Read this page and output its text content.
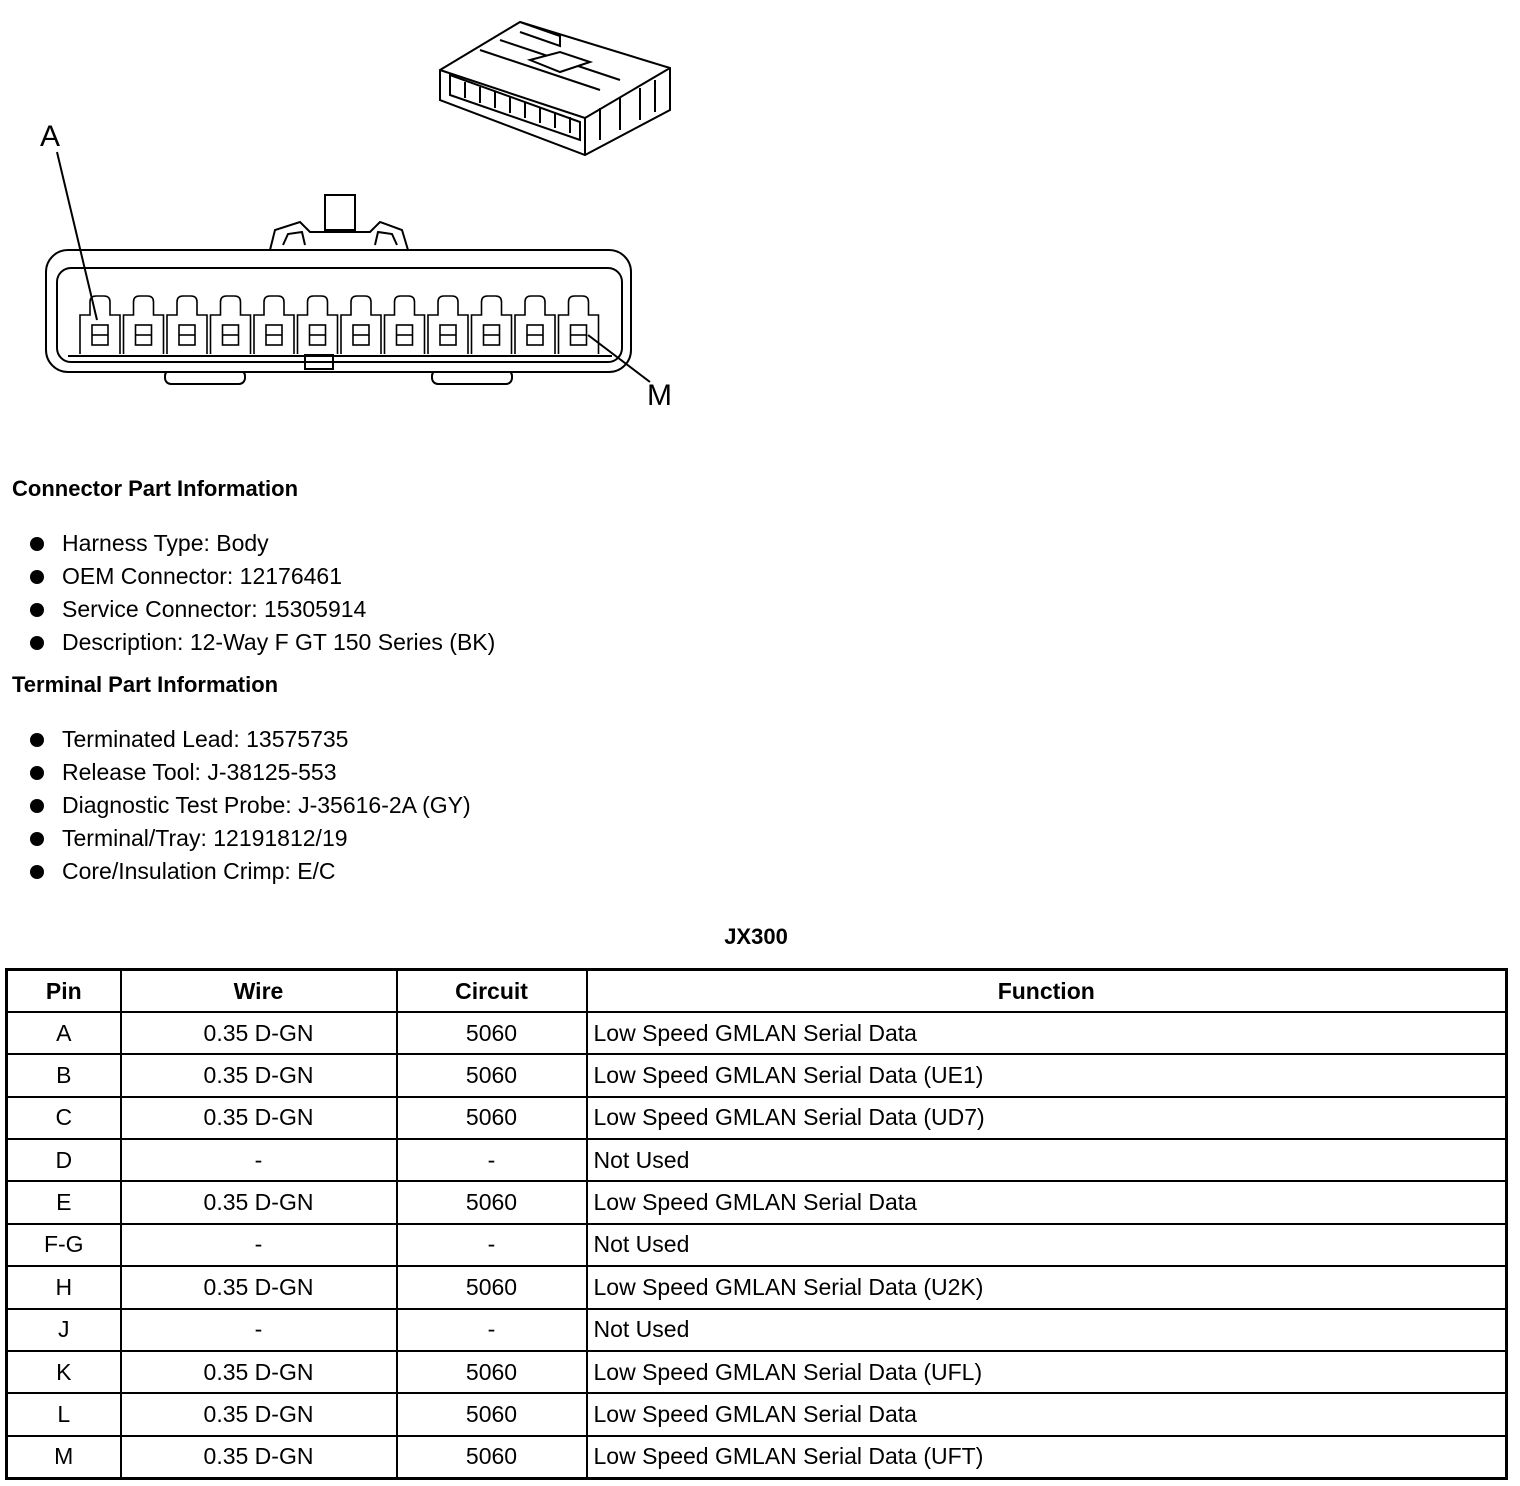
A
M
Connector Part Information
Harness Type: Body
OEM Connector: 12176461
Service Connector: 15305914
Description: 12-Way F GT 150 Series (BK)
Terminal Part Information
Terminated Lead: 13575735
Release Tool: J-38125-553
Diagnostic Test Probe: J-35616-2A (GY)
Terminal/Tray: 12191812/19
Core/Insulation Crimp: E/C
JX300
Pin	Wire	Circuit	Function
A	0.35 D-GN	5060	Low Speed GMLAN Serial Data
B	0.35 D-GN	5060	Low Speed GMLAN Serial Data (UE1)
C	0.35 D-GN	5060	Low Speed GMLAN Serial Data (UD7)
D	-	-	Not Used
E	0.35 D-GN	5060	Low Speed GMLAN Serial Data
F-G	-	-	Not Used
H	0.35 D-GN	5060	Low Speed GMLAN Serial Data (U2K)
J	-	-	Not Used
K	0.35 D-GN	5060	Low Speed GMLAN Serial Data (UFL)
L	0.35 D-GN	5060	Low Speed GMLAN Serial Data
M	0.35 D-GN	5060	Low Speed GMLAN Serial Data (UFT)
